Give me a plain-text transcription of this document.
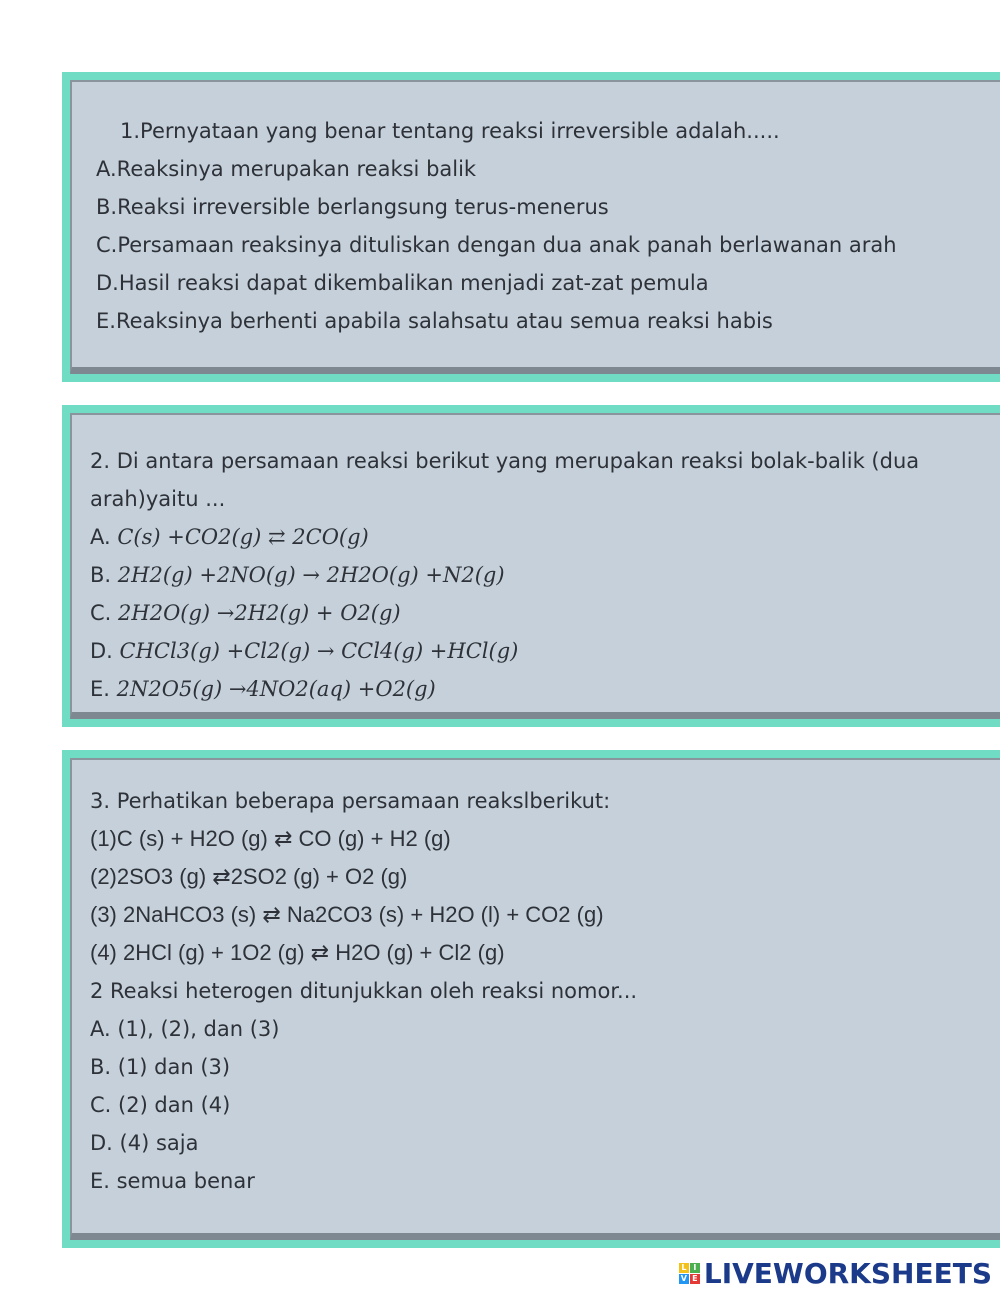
1.Pernyataan yang benar tentang reaksi irreversible adalah.....
A.Reaksinya merupakan reaksi balik
B.Reaksi irreversible berlangsung terus-menerus
C.Persamaan reaksinya dituliskan dengan dua anak panah berlawanan arah
D.Hasil reaksi dapat dikembalikan menjadi zat-zat pemula
E.Reaksinya berhenti apabila salahsatu atau semua reaksi habis
2. Di antara persamaan reaksi berikut yang merupakan reaksi bolak-balik (dua
arah)yaitu ...
A. C(s) +CO2(g) ⇄ 2CO(g)
B. 2H2(g) +2NO(g) → 2H2O(g) +N2(g)
C. 2H2O(g) →2H2(g) + O2(g)
D. CHCl3(g) +Cl2(g) → CCl4(g) +HCl(g)
E. 2N2O5(g) →4NO2(aq) +O2(g)
3. Perhatikan beberapa persamaan reakslberikut:
(1)C (s) + H2O (g) ⇄ CO (g) + H2 (g)
(2)2SO3 (g) ⇄2SO2 (g) + O2 (g)
(3) 2NaHCO3 (s) ⇄ Na2CO3 (s) + H2O (l) + CO2 (g)
(4) 2HCl (g) + 1O2 (g) ⇄ H2O (g) + Cl2 (g)
2 Reaksi heterogen ditunjukkan oleh reaksi nomor...
A. (1), (2), dan (3)
B. (1) dan (3)
C. (2) dan (4)
D. (4) saja
E. semua benar
L I
V E LIVEWORKSHEETS
